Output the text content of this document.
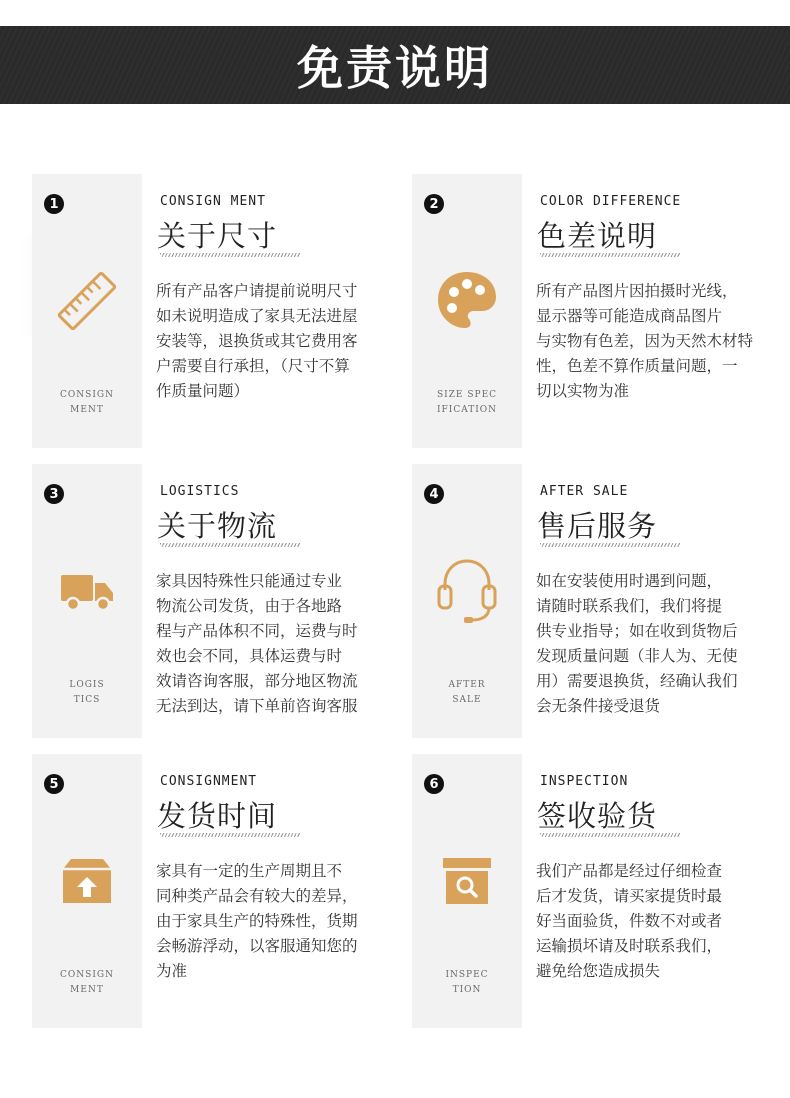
免责说明
1
CONSIGN
MENT
CONSIGN MENT
关于尺寸
所有产品客户请提前说明尺寸
如未说明造成了家具无法进屋
安装等，退换货或其它费用客
户需要自行承担，（尺寸不算
作质量问题）
2
SIZE SPEC
IFICATION
COLOR DIFFERENCE
色差说明
所有产品图片因拍摄时光线，
显示器等可能造成商品图片
与实物有色差，因为天然木材特
性，色差不算作质量问题，一
切以实物为准
3
LOGIS
TICS
LOGISTICS
关于物流
家具因特殊性只能通过专业
物流公司发货，由于各地路
程与产品体积不同，运费与时
效也会不同，具体运费与时
效请咨询客服，部分地区物流
无法到达，请下单前咨询客服
4
AFTER
SALE
AFTER SALE
售后服务
如在安装使用时遇到问题，
请随时联系我们，我们将提
供专业指导；如在收到货物后
发现质量问题（非人为、无使
用）需要退换货，经确认我们
会无条件接受退货
5
CONSIGN
MENT
CONSIGNMENT
发货时间
家具有一定的生产周期且不
同种类产品会有较大的差异，
由于家具生产的特殊性，货期
会畅游浮动，以客服通知您的
为准
6
INSPEC
TION
INSPECTION
签收验货
我们产品都是经过仔细检查
后才发货，请买家提货时最
好当面验货，件数不对或者
运输损坏请及时联系我们，
避免给您造成损失
